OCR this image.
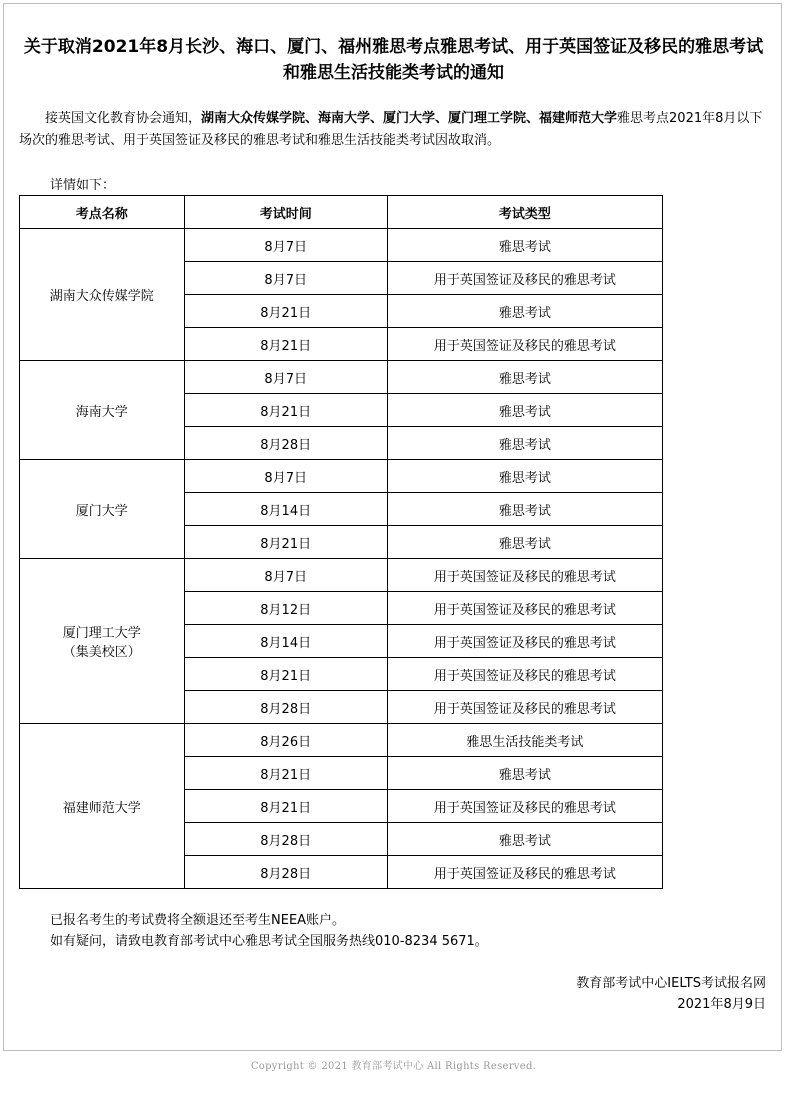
关于取消2021年8月长沙、海口、厦门、福州雅思考点雅思考试、用于英国签证及移民的雅思考试和雅思生活技能类考试的通知

接英国文化教育协会通知，湖南大众传媒学院、海南大学、厦门大学、厦门理工学院、福建师范大学雅思考点2021年8月以下场次的雅思考试、用于英国签证及移民的雅思考试和雅思生活技能类考试因故取消。

详情如下：
考点名称	考试时间	考试类型

湖南大众传媒学院	8月7日	雅思考试
	8月7日	用于英国签证及移民的雅思考试
	8月21日	雅思考试
	8月21日	用于英国签证及移民的雅思考试

海南大学	8月7日	雅思考试
	8月21日	雅思考试
	8月28日	雅思考试

厦门大学	8月7日	雅思考试
	8月14日	雅思考试
	8月21日	雅思考试

厦门理工大学
（集美校区）	8月7日	用于英国签证及移民的雅思考试
	8月12日	用于英国签证及移民的雅思考试
	8月14日	用于英国签证及移民的雅思考试
	8月21日	用于英国签证及移民的雅思考试
	8月28日	用于英国签证及移民的雅思考试

福建师范大学	8月26日	雅思生活技能类考试
	8月21日	雅思考试
	8月21日	用于英国签证及移民的雅思考试
	8月28日	雅思考试
	8月28日	用于英国签证及移民的雅思考试
已报名考生的考试费将全额退还至考生NEEA账户。
如有疑问，请致电教育部考试中心雅思考试全国服务热线010-8234 5671。
教育部考试中心IELTS考试报名网
2021年8月9日
Copyright © 2021 教育部考试中心 All Rights Reserved.
